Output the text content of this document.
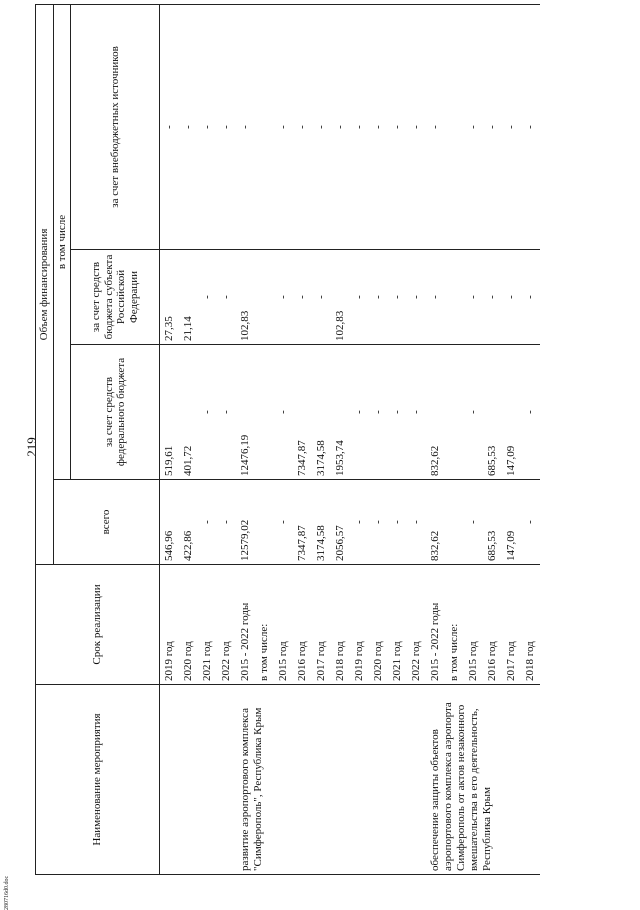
219
Наименование мероприятия	Срок реализации	Объем финансирования			
		всего	в том числе		
			за счет средств федерального бюджета	за счет средств бюджета субъекта Российской Федерации	за счет внебюджетных источников
	2019 год	546,96	519,61	27,35	-
	2020 год	422,86	401,72	21,14	-
	2021 год	-	-	-	-
	2022 год	-	-	-	-
развитие аэропортового комплекса "Симферополь", Республика Крым	2015 - 2022 годы	12579,02	12476,19	102,83	-
	в том числе:				
	2015 год	-	-	-	-
	2016 год	7347,87	7347,87	-	-
	2017 год	3174,58	3174,58	-	-
	2018 год	2056,57	1953,74	102,83	-
	2019 год	-	-	-	-
	2020 год	-	-	-	-
	2021 год	-	-	-	-
	2022 год	-	-	-	-
обеспечение защиты объектов аэропортового комплекса аэропорта Симферополь от актов незаконного вмешательства в его деятельность, Республика Крым	2015 - 2022 годы	832,62	832,62	-	-
	в том числе:				
	2015 год	-	-	-	-
	2016 год	685,53	685,53	-	-
	2017 год	147,09	147,09	-	-
	2018 год	-	-	-	-
280716d0.doc
